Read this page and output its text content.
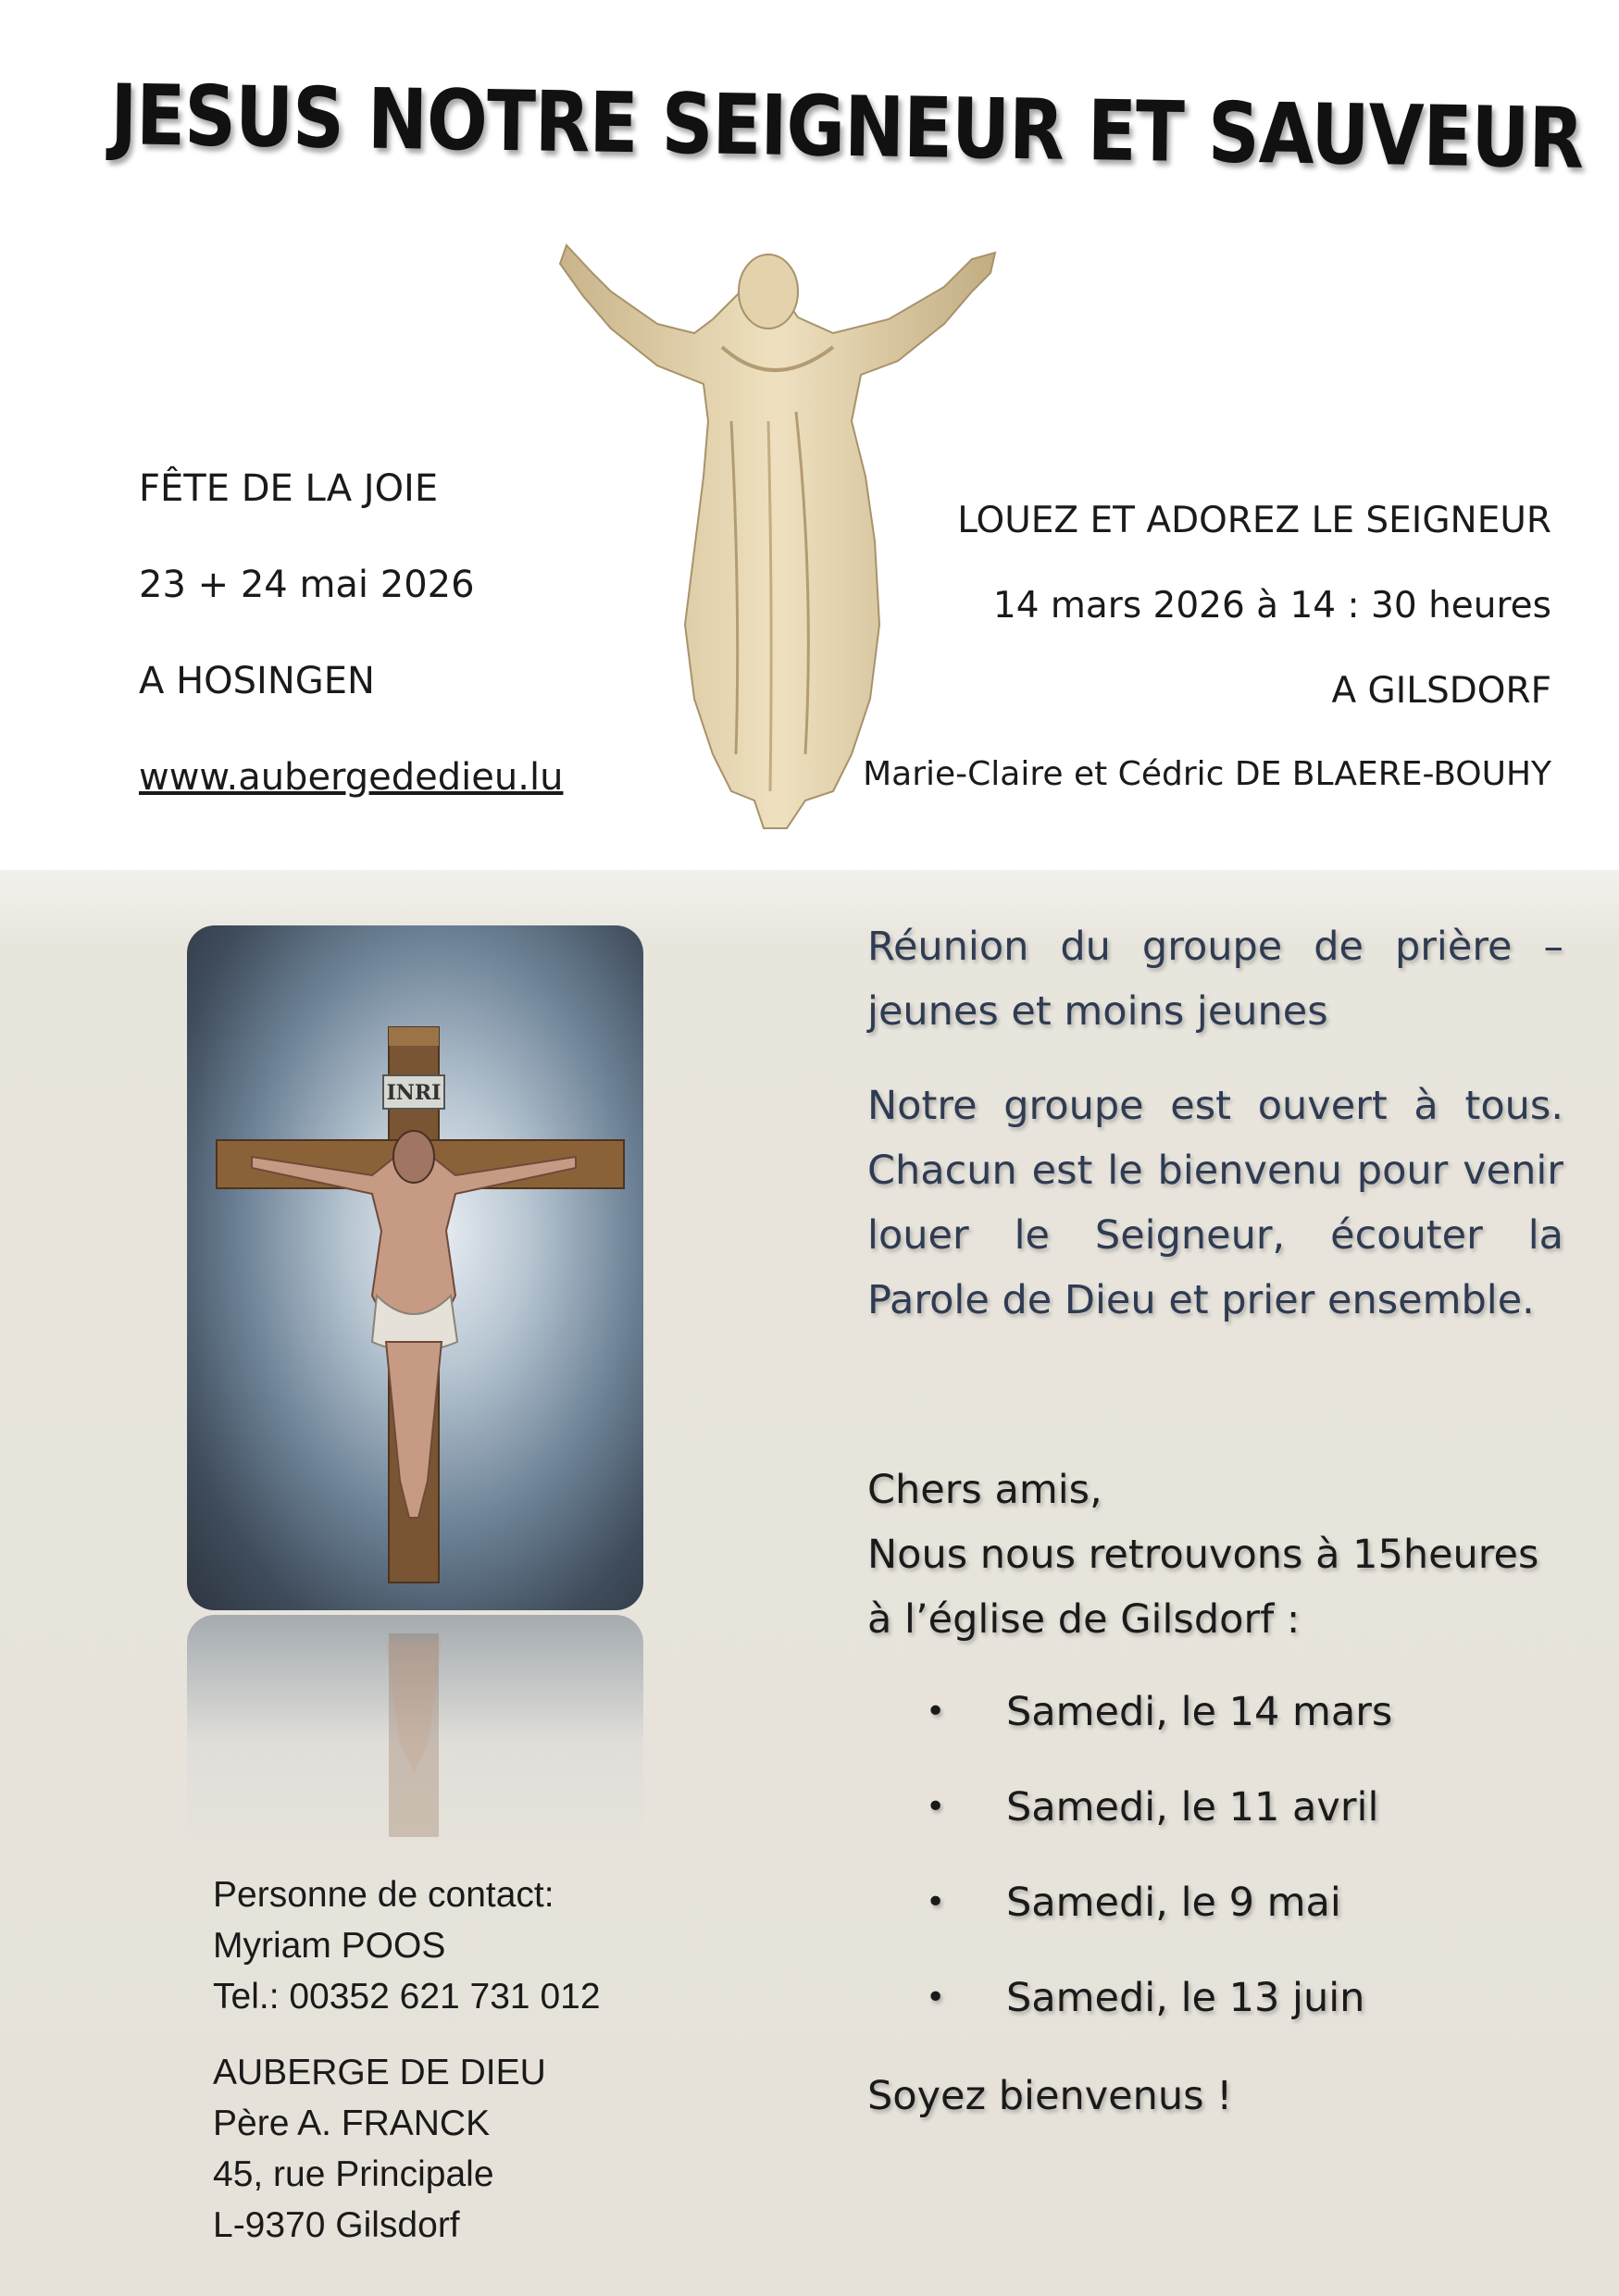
JESUS NOTRE SEIGNEUR ET SAUVEUR
FÊTE DE LA JOIE
23 + 24 mai 2026
A HOSINGEN
www.aubergededieu.lu
LOUEZ ET ADOREZ LE SEIGNEUR
14 mars 2026 à 14 : 30 heures
A GILSDORF
Marie-Claire et Cédric DE BLAERE-BOUHY
INRI

Réunion du groupe de prière – jeunes et moins jeunes

Notre groupe est ouvert à tous. Chacun est le bienvenu pour venir louer le Seigneur, écouter la Parole de Dieu et prier ensemble.

Chers amis,
Nous nous retrouvons à 15heures
à l’église de Gilsdorf :
• Samedi, le 14 mars
• Samedi, le 11 avril
• Samedi, le 9 mai
• Samedi, le 13 juin
Soyez bienvenus !
Personne de contact:
Myriam POOS
Tel.: 00352 621 731 012
AUBERGE DE DIEU
Père A. FRANCK
45, rue Principale
L-9370 Gilsdorf
